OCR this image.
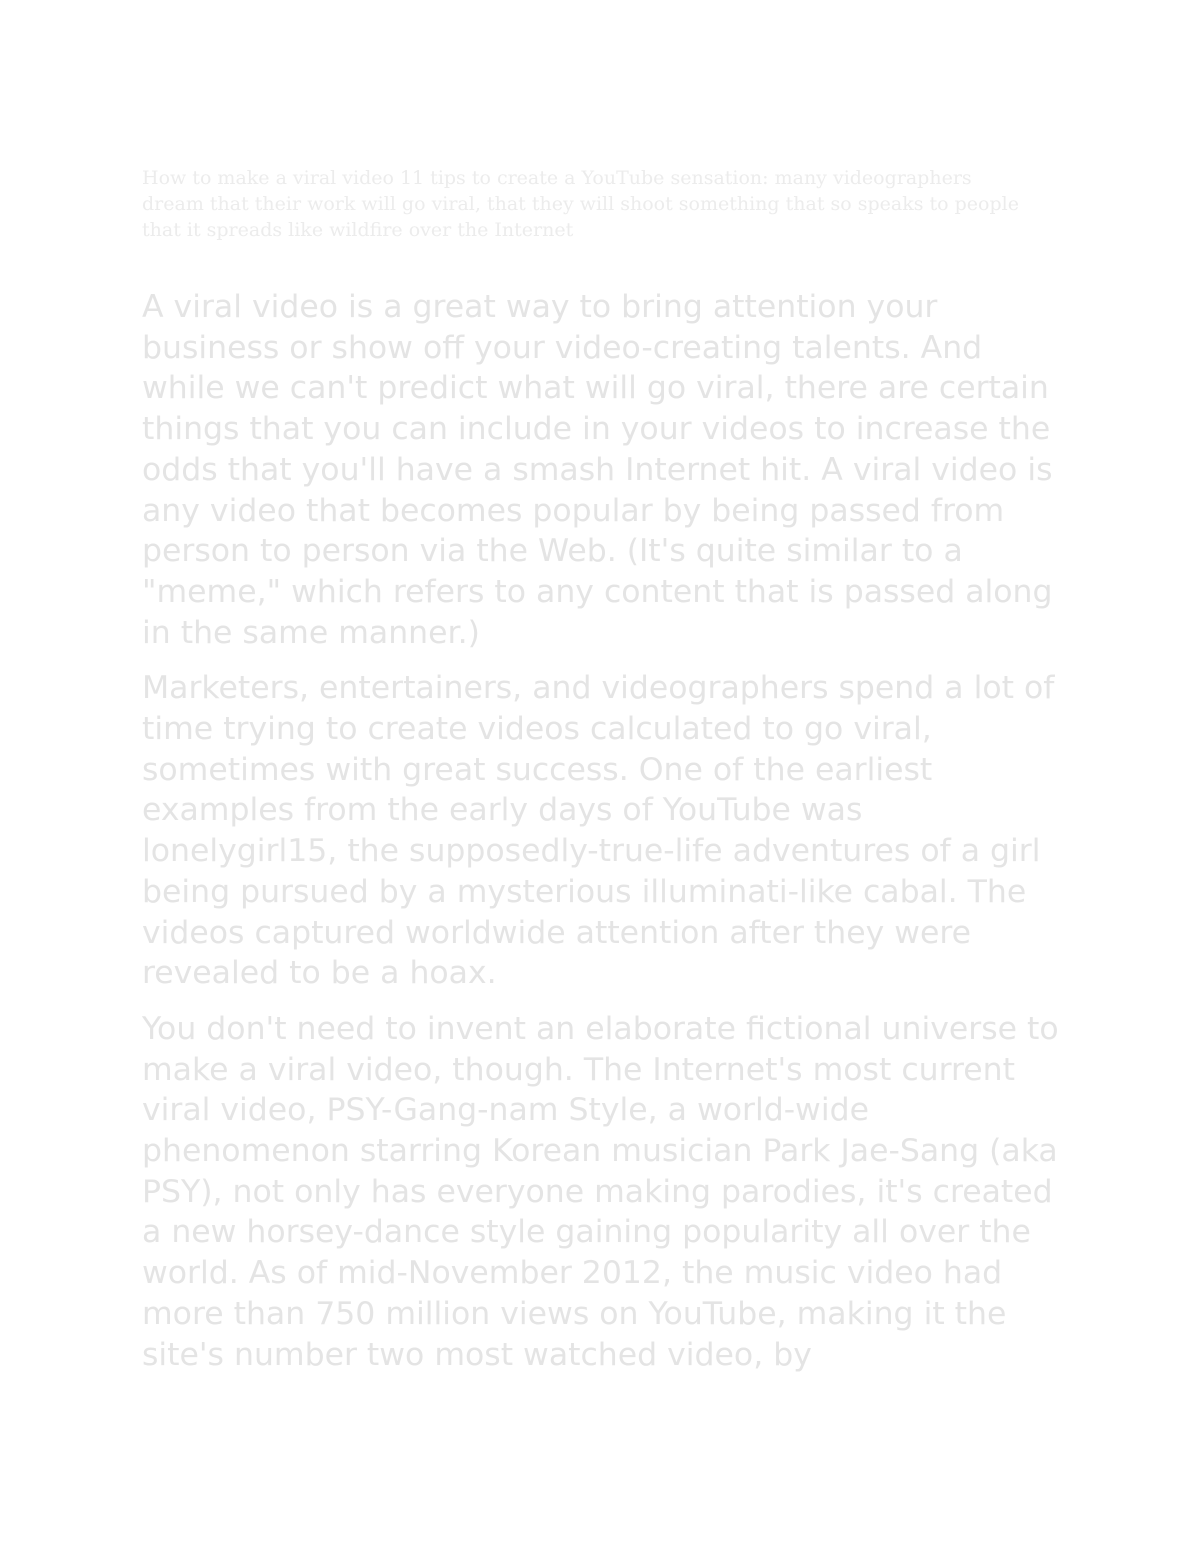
How to make a viral video 11 tips to create a YouTube sensation: many videographers dream that their work will go viral, that they will shoot something that so speaks to people that it spreads like wildfire over the Internet

A viral video is a great way to bring attention your business or show off your video-creating talents. And while we can't predict what will go viral, there are certain things that you can include in your videos to increase the odds that you'll have a smash Internet hit. A viral video is any video that becomes popular by being passed from person to person via the Web. (It's quite similar to a "meme," which refers to any content that is passed along in the same manner.)

Marketers, entertainers, and videographers spend a lot of time trying to create videos calculated to go viral, sometimes with great success. One of the earliest examples from the early days of YouTube was lonelygirl15, the supposedly-true-life adventures of a girl being pursued by a mysterious illuminati-like cabal. The videos captured worldwide attention after they were revealed to be a hoax.

You don't need to invent an elaborate fictional universe to make a viral video, though. The Internet's most current viral video, PSY-Gang-nam Style, a world-wide phenomenon starring Korean musician Park Jae-Sang (aka PSY), not only has everyone making parodies, it's created a new horsey-dance style gaining popularity all over the world. As of mid-November 2012, the music video had more than 750 million views on YouTube, making it the site's number two most watched video, by
